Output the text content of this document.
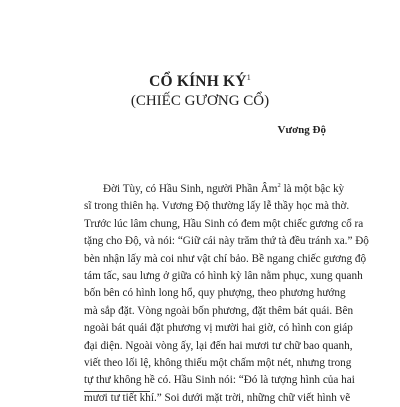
CỔ KÍNH $KÝ^1$
(CHIẾC GƯƠNG CỔ)
Vương Độ
Đời Tùy, có Hầu Sinh, người Phần $Âm^2$ là một bậc kỳ
sĩ trong thiên hạ. Vương Độ thường lấy lễ thầy học mà thờ.
Trước lúc lâm chung, Hầu Sinh có đem một chiếc gương cổ ra
tặng cho Độ, và nói: “Giữ cái này trăm thứ tà đều tránh xa.” Độ
bèn nhận lấy mà coi như vật chí bảo. Bề ngang chiếc gương độ
tám tấc, sau lưng ở giữa có hình kỳ lân nằm phục, xung quanh
bốn bên có hình long hổ, quy phượng, theo phương hướng
mà sắp đặt. Vòng ngoài bốn phương, đặt thêm bát quái. Bên
ngoài bát quái đặt phương vị mười hai giờ, có hình con giáp
đại diện. Ngoài vòng ấy, lại đến hai mươi tư chữ bao quanh,
viết theo lối lệ, không thiếu một chấm một nét, nhưng trong
tự thư không hề có. Hầu Sinh nói: “Đó là tượng hình của hai
mươi tư tiết khí.” Soi dưới mặt trời, những chữ viết hình vẽ
